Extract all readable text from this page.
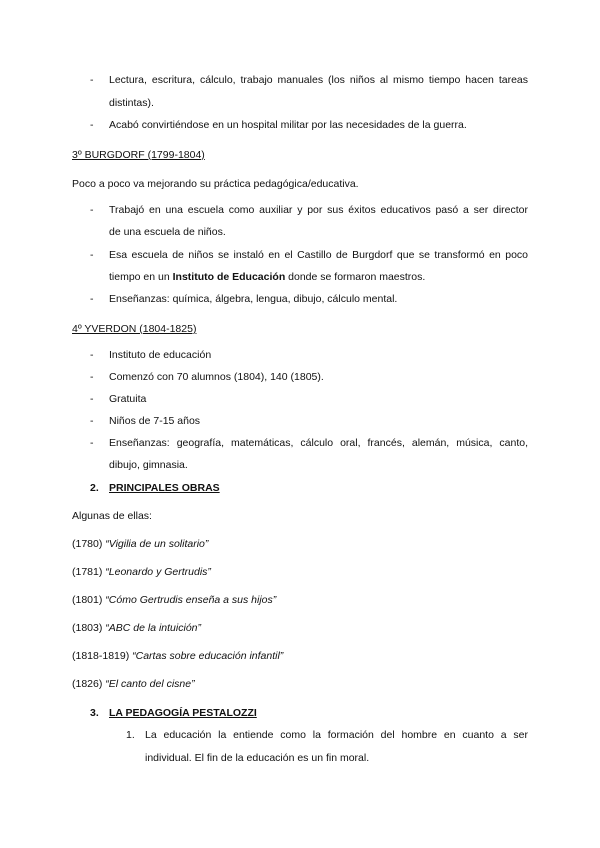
- Lectura, escritura, cálculo, trabajo manuales (los niños al mismo tiempo hacen tareas
distintas).
- Acabó convirtiéndose en un hospital militar por las necesidades de la guerra.
3º BURGDORF (1799-1804)
Poco a poco va mejorando su práctica pedagógica/educativa.
- Trabajó en una escuela como auxiliar y por sus éxitos educativos pasó a ser director
de una escuela de niños.
- Esa escuela de niños se instaló en el Castillo de Burgdorf que se transformó en poco
tiempo en un Instituto de Educación donde se formaron maestros.
- Enseñanzas: química, álgebra, lengua, dibujo, cálculo mental.
4º YVERDON (1804-1825)
- Instituto de educación
- Comenzó con 70 alumnos (1804), 140 (1805).
- Gratuita
- Niños de 7-15 años
- Enseñanzas: geografía, matemáticas, cálculo oral, francés, alemán, música, canto,
dibujo, gimnasia.
2. PRINCIPALES OBRAS
Algunas de ellas:
(1780) “Vigilia de un solitario”
(1781) “Leonardo y Gertrudis”
(1801) “Cómo Gertrudis enseña a sus hijos”
(1803) “ABC de la intuición”
(1818-1819) “Cartas sobre educación infantil”
(1826) “El canto del cisne”
3. LA PEDAGOGÍA PESTALOZZI
1. La educación la entiende como la formación del hombre en cuanto a ser
individual. El fin de la educación es un fin moral.
